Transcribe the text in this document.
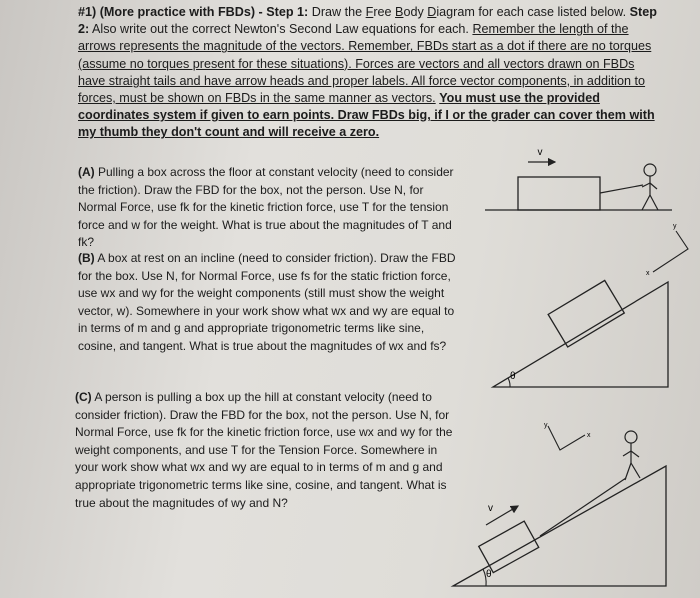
#1) (More practice with FBDs) - Step 1: Draw the Free Body Diagram for each case listed below. Step 2: Also write out the correct Newton's Second Law equations for each. Remember the length of the arrows represents the magnitude of the vectors. Remember, FBDs start as a dot if there are no torques (assume no torques present for these situations). Forces are vectors and all vectors drawn on FBDs have straight tails and have arrow heads and proper labels. All force vector components, in addition to forces, must be shown on FBDs in the same manner as vectors. You must use the provided coordinates system if given to earn points. Draw FBDs big, if I or the grader can cover them with my thumb they don't count and will receive a zero.
(A) Pulling a box across the floor at constant velocity (need to consider the friction). Draw the FBD for the box, not the person. Use N, for Normal Force, use fk for the kinetic friction force, use T for the tension force and w for the weight. What is true about the magnitudes of T and fk?
(B) A box at rest on an incline (need to consider friction). Draw the FBD for the box. Use N, for Normal Force, use fs for the static friction force, use wx and wy for the weight components (still must show the weight vector, w). Somewhere in your work show what wx and wy are equal to in terms of m and g and appropriate trigonometric terms like sine, cosine, and tangent. What is true about the magnitudes of wx and fs?
(C) A person is pulling a box up the hill at constant velocity (need to consider friction). Draw the FBD for the box, not the person. Use N, for Normal Force, use fk for the kinetic friction force, use wx and wy for the weight components, and use T for the Tension Force. Somewhere in your work show what wx and wy are equal to in terms of m and g and appropriate trigonometric terms like sine, cosine, and tangent. What is true about the magnitudes of wy and N?
v
θ
y
x
θ
v
y
x
